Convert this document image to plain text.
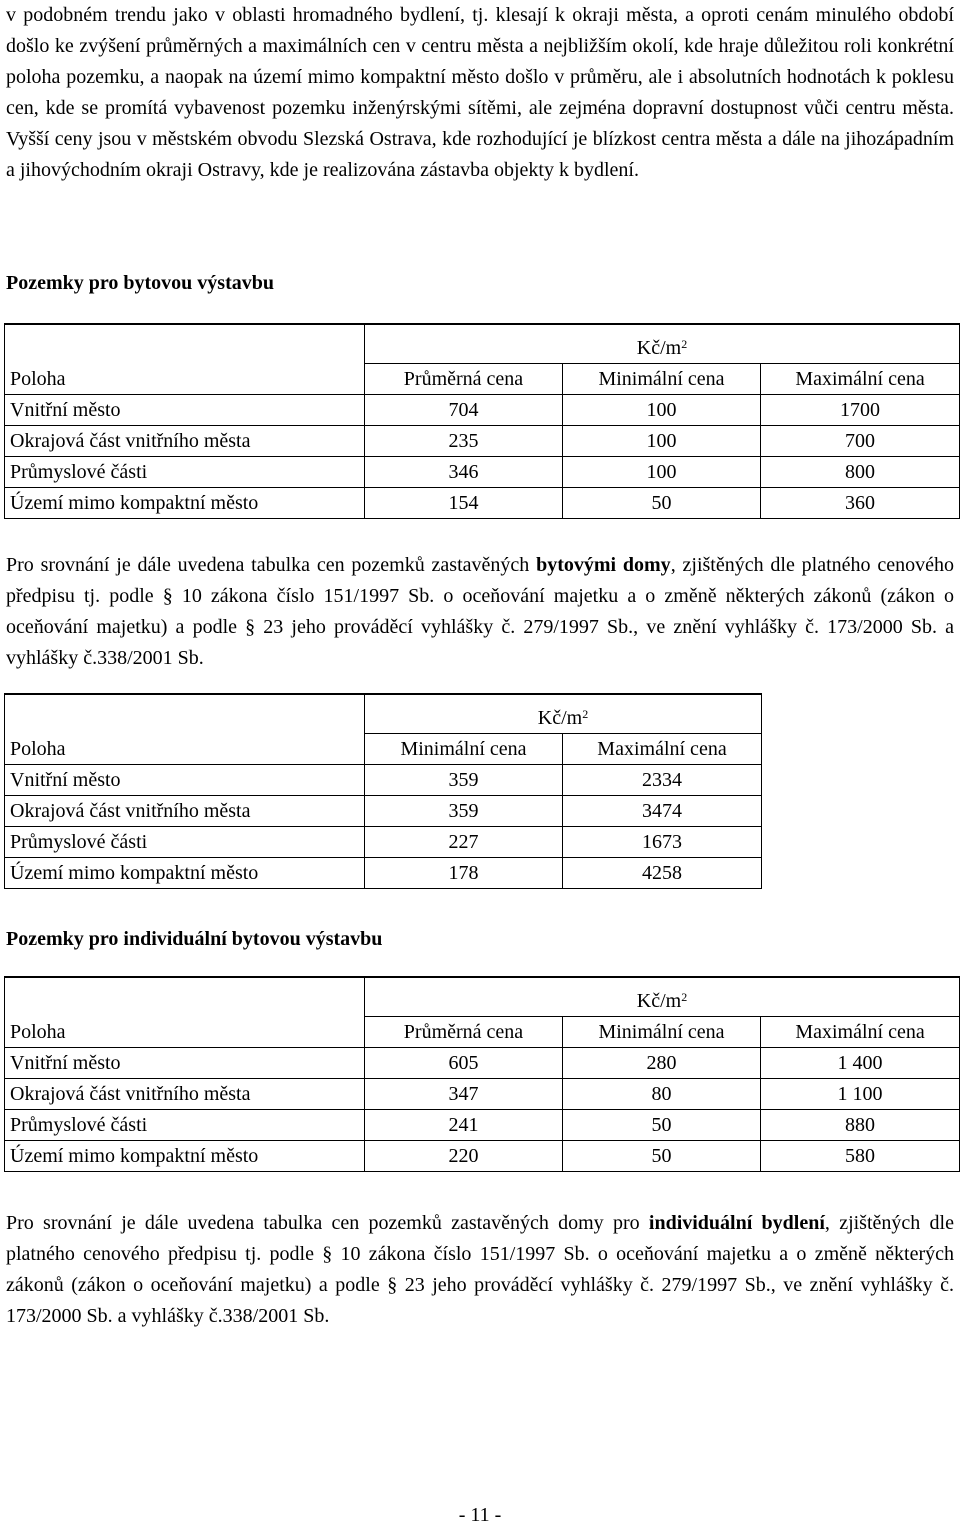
v podobném trendu jako v oblasti hromadného bydlení, tj. klesají k okraji města, a oproti cenám minulého období došlo ke zvýšení průměrných a maximálních cen v centru města a nejbližším okolí, kde hraje důležitou roli konkrétní poloha pozemku, a naopak na území mimo kompaktní město došlo v průměru, ale i absolutních hodnotách k poklesu cen, kde se promítá vybavenost pozemku inženýrskými sítěmi, ale zejména dopravní dostupnost vůči centru města. Vyšší ceny jsou v městském obvodu Slezská Ostrava, kde rozhodující je blízkost centra města a dále na jihozápadním a jihovýchodním okraji Ostravy, kde je realizována zástavba objekty k bydlení.

Pozemky pro bytovou výstavbu

	$Kč/m^2$
Poloha	Průměrná cena	Minimální cena	Maximální cena
Vnitřní město	704	100	1700
Okrajová část vnitřního města	235	100	700
Průmyslové části	346	100	800
Území mimo kompaktní město	154	50	360

Pro srovnání je dále uvedena tabulka cen pozemků zastavěných bytovými domy, zjištěných dle platného cenového předpisu tj. podle § 10 zákona číslo 151/1997 Sb. o oceňování majetku a o změně některých zákonů (zákon o oceňování majetku) a podle § 23 jeho prováděcí vyhlášky č. 279/1997 Sb., ve znění vyhlášky č. 173/2000 Sb. a vyhlášky č.338/2001 Sb.

	$Kč/m^2$
Poloha	Minimální cena	Maximální cena
Vnitřní město	359	2334
Okrajová část vnitřního města	359	3474
Průmyslové části	227	1673
Území mimo kompaktní město	178	4258

Pozemky pro individuální bytovou výstavbu

	$Kč/m^2$
Poloha	Průměrná cena	Minimální cena	Maximální cena
Vnitřní město	605	280	1 400
Okrajová část vnitřního města	347	80	1 100
Průmyslové části	241	50	880
Území mimo kompaktní město	220	50	580

Pro srovnání je dále uvedena tabulka cen pozemků zastavěných domy pro individuální bydlení, zjištěných dle platného cenového předpisu tj. podle § 10 zákona číslo 151/1997 Sb. o oceňování majetku a o změně některých zákonů (zákon o oceňování majetku) a podle § 23 jeho prováděcí vyhlášky č. 279/1997 Sb., ve znění vyhlášky č. 173/2000 Sb. a vyhlášky č.338/2001 Sb.

- 11 -
